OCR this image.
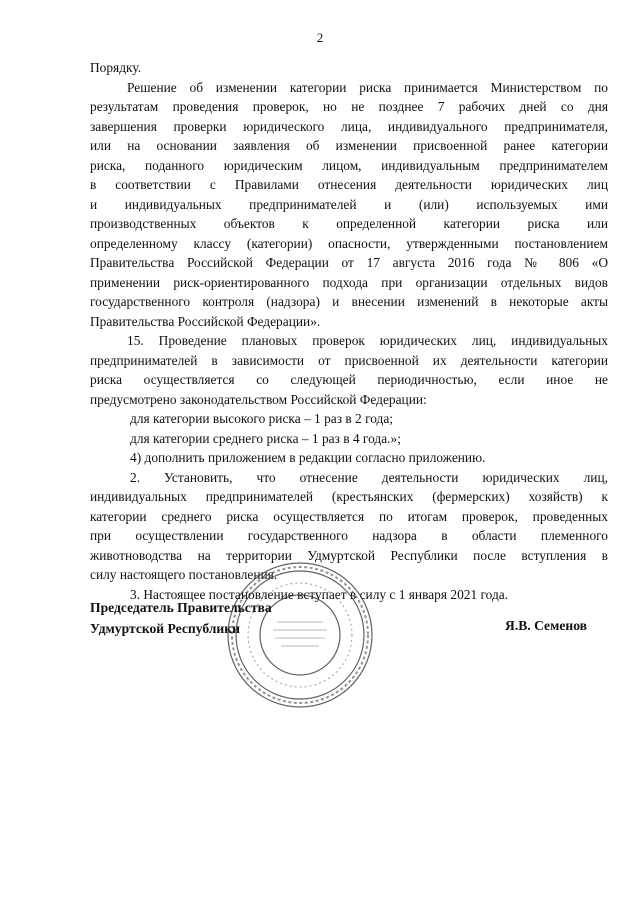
2
Порядку.
Решение об изменении категории риска принимается Министерством по
результатам проведения проверок, но не позднее 7 рабочих дней со дня
завершения проверки юридического лица, индивидуального предпринимателя,
или на основании заявления об изменении присвоенной ранее категории
риска, поданного юридическим лицом, индивидуальным предпринимателем
в соответствии с Правилами отнесения деятельности юридических лиц
и индивидуальных предпринимателей и (или) используемых ими
производственных объектов к определенной категории риска или
определенному классу (категории) опасности, утвержденными постановлением
Правительства Российской Федерации от 17 августа 2016 года № 806 «О
применении риск-ориентированного подхода при организации отдельных видов
государственного контроля (надзора) и внесении изменений в некоторые акты
Правительства Российской Федерации».
15. Проведение плановых проверок юридических лиц, индивидуальных
предпринимателей в зависимости от присвоенной их деятельности категории
риска осуществляется со следующей периодичностью, если иное не
предусмотрено законодательством Российской Федерации:
для категории высокого риска – 1 раз в 2 года;
для категории среднего риска – 1 раз в 4 года.»;
4) дополнить приложением в редакции согласно приложению.
2. Установить, что отнесение деятельности юридических лиц,
индивидуальных предпринимателей (крестьянских (фермерских) хозяйств) к
категории среднего риска осуществляется по итогам проверок, проведенных
при осуществлении государственного надзора в области племенного
животноводства на территории Удмуртской Республики после вступления в
силу настоящего постановления.
3. Настоящее постановление вступает в силу с 1 января 2021 года.
Председатель Правительства
Удмуртской Республики	Я.В. Семенов
